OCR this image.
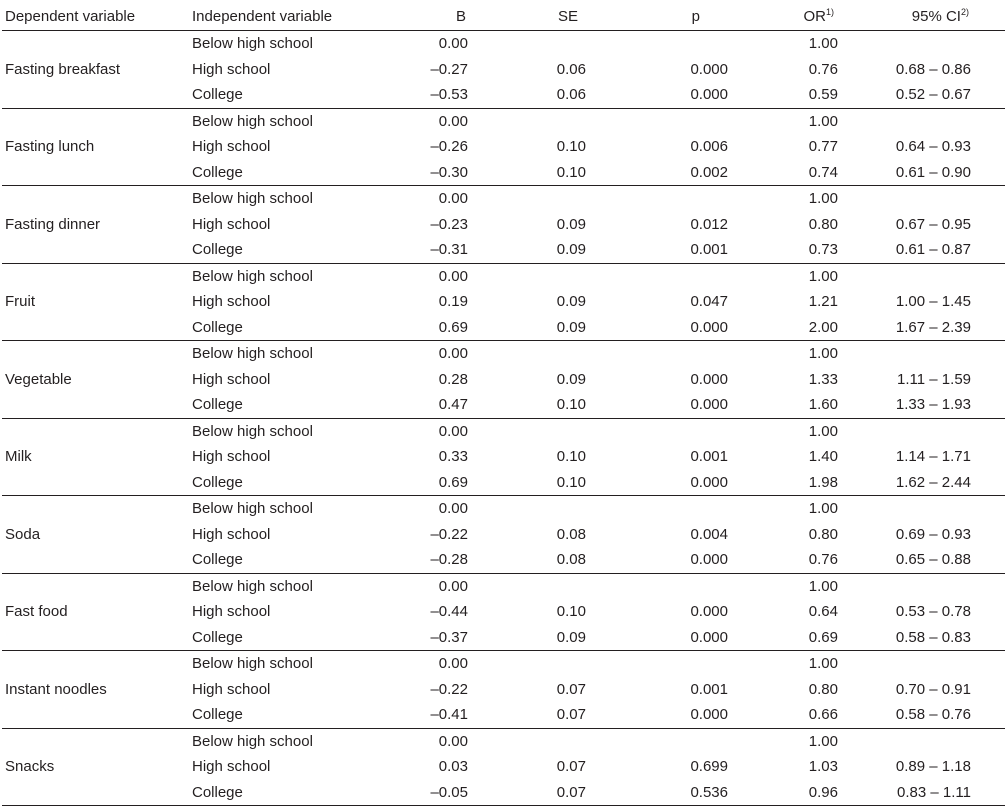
Dependent variable	Independent variable	B	SE	p	OR$^{1)}$	95% CI$^{2)}$	
	Below high school	0.00			1.00		
Fasting breakfast	High school	–0.27	0.06	0.000	0.76	0.68 – 0.86	
	College	–0.53	0.06	0.000	0.59	0.52 – 0.67	
	Below high school	0.00			1.00		
Fasting lunch	High school	–0.26	0.10	0.006	0.77	0.64 – 0.93	
	College	–0.30	0.10	0.002	0.74	0.61 – 0.90	
	Below high school	0.00			1.00		
Fasting dinner	High school	–0.23	0.09	0.012	0.80	0.67 – 0.95	
	College	–0.31	0.09	0.001	0.73	0.61 – 0.87	
	Below high school	0.00			1.00		
Fruit	High school	0.19	0.09	0.047	1.21	1.00 – 1.45	
	College	0.69	0.09	0.000	2.00	1.67 – 2.39	
	Below high school	0.00			1.00		
Vegetable	High school	0.28	0.09	0.000	1.33	1.11 – 1.59	
	College	0.47	0.10	0.000	1.60	1.33 – 1.93	
	Below high school	0.00			1.00		
Milk	High school	0.33	0.10	0.001	1.40	1.14 – 1.71	
	College	0.69	0.10	0.000	1.98	1.62 – 2.44	
	Below high school	0.00			1.00		
Soda	High school	–0.22	0.08	0.004	0.80	0.69 – 0.93	
	College	–0.28	0.08	0.000	0.76	0.65 – 0.88	
	Below high school	0.00			1.00		
Fast food	High school	–0.44	0.10	0.000	0.64	0.53 – 0.78	
	College	–0.37	0.09	0.000	0.69	0.58 – 0.83	
	Below high school	0.00			1.00		
Instant noodles	High school	–0.22	0.07	0.001	0.80	0.70 – 0.91	
	College	–0.41	0.07	0.000	0.66	0.58 – 0.76	
	Below high school	0.00			1.00		
Snacks	High school	0.03	0.07	0.699	1.03	0.89 – 1.18	
	College	–0.05	0.07	0.536	0.96	0.83 – 1.11	
